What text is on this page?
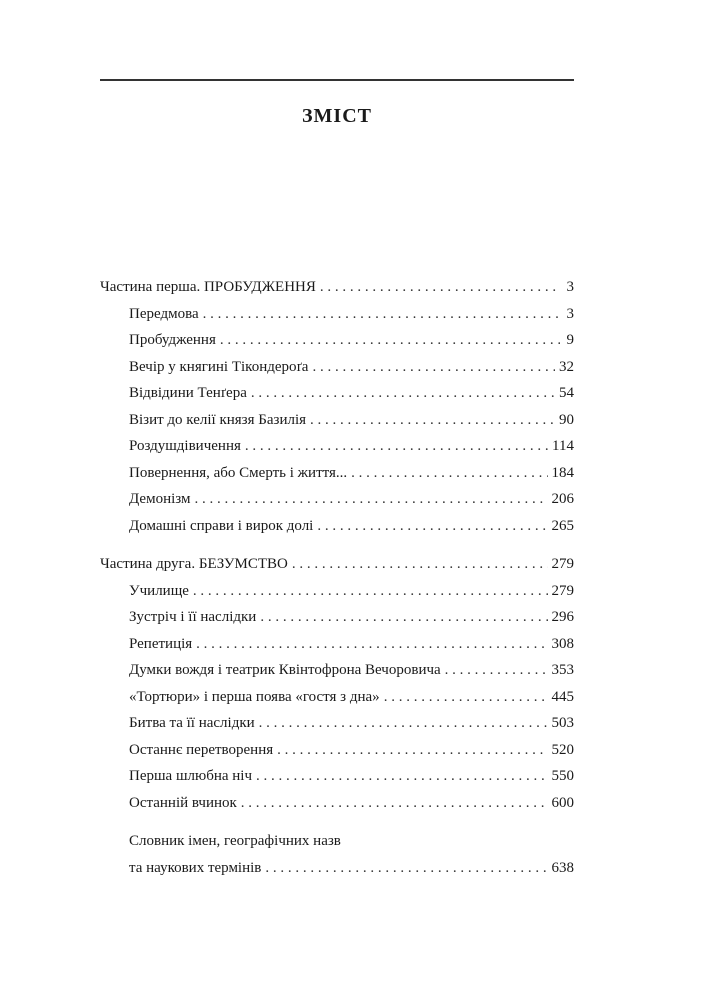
ЗМІСТ
Частина перша. ПРОБУДЖЕННЯ . . .	3
Передмова . . .	3
Пробудження . . .	9
Вечір у княгині Тікондероґа . . .	32
Відвідини Тенґера . . .	54
Візит до келії князя Базилія . . .	90
Роздушдівичення . . .	114
Повернення, або Смерть і життя... . . .	184
Демонізм . . .	206
Домашні справи і вирок долі . . .	265
Частина друга. БЕЗУМСТВО . . .	279
Училище . . .	279
Зустріч і її наслідки . . .	296
Репетиція . . .	308
Думки вождя і театрик Квінтофрона Вечоровича . . .	353
«Тортюри» і перша поява «гостя з дна» . . .	445
Битва та її наслідки . . .	503
Останнє перетворення . . .	520
Перша шлюбна ніч . . .	550
Останній вчинок . . .	600
Словник імен, географічних назв
та наукових термінів . . .	638
